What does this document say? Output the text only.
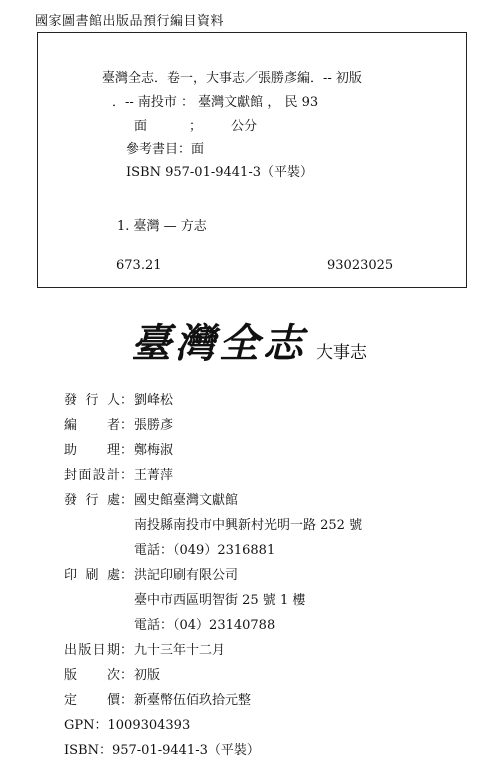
國家圖書館出版品預行編目資料
臺灣全志．卷一，大事志／張勝彥編．-- 初版
．-- 南投市 ： 臺灣文獻館 ， 民 93
面	； 公分
參考書目：面
ISBN 957-01-9441-3（平裝）
1. 臺灣 — 方志
673.21	93023025
臺灣全志 大事志
發行人：劉峰松
編者：張勝彥
助理：鄭梅淑
封面設計：王菁萍
發行處：國史館臺灣文獻館
南投縣南投市中興新村光明一路 252 號
電話：（049）2316881
印刷處：洪記印刷有限公司
臺中市西區明智街 25 號 1 樓
電話：（04）23140788
出版日期：九十三年十二月
版次：初版
定價：新臺幣伍佰玖拾元整
GPN：1009304393
ISBN：957-01-9441-3（平裝）
